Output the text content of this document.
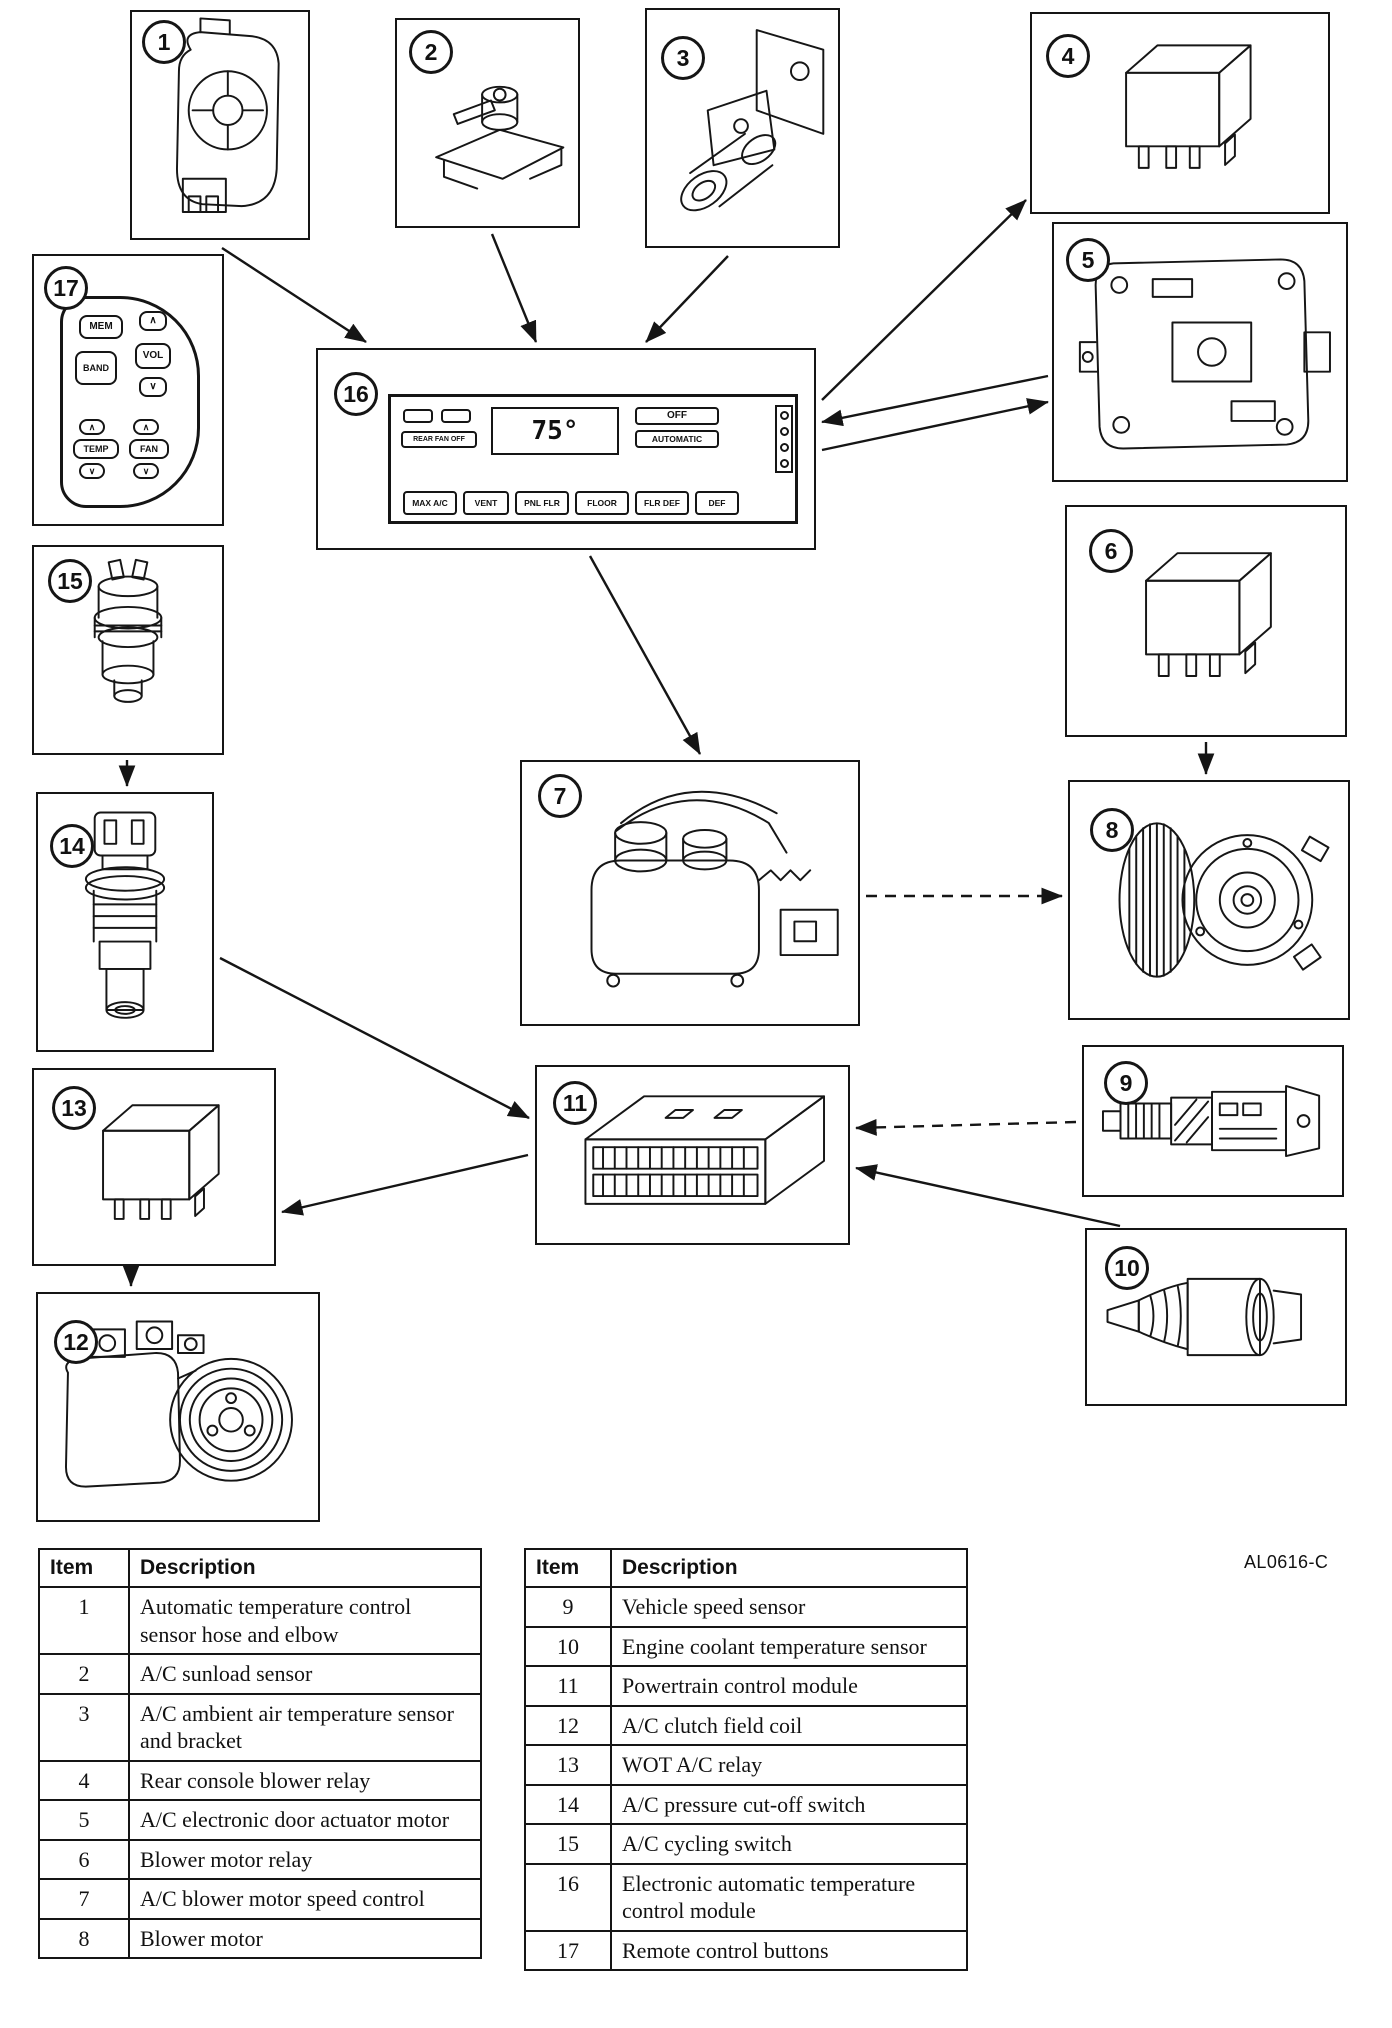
1	2	3	4
5
6
7
8
9
10
11
12
13
14
15
16
REAR FAN OFF	75°
OFF
AUTOMATIC
MAX A/C	VENT	PNL FLR	FLOOR	FLR DEF	DEF
17
MEM
∧
BAND
VOL
∨
∧
TEMP
∨
∧
FAN
∨
Item	Description
1	Automatic temperature control sensor hose and elbow
2	A/C sunload sensor
3	A/C ambient air temperature sensor and bracket
4	Rear console blower relay
5	A/C electronic door actuator motor
6	Blower motor relay
7	A/C blower motor speed control
8	Blower motor
Item	Description
9	Vehicle speed sensor
10	Engine coolant temperature sensor
11	Powertrain control module
12	A/C clutch field coil
13	WOT A/C relay
14	A/C pressure cut-off switch
15	A/C cycling switch
16	Electronic automatic temperature control module
17	Remote control buttons
AL0616-C
